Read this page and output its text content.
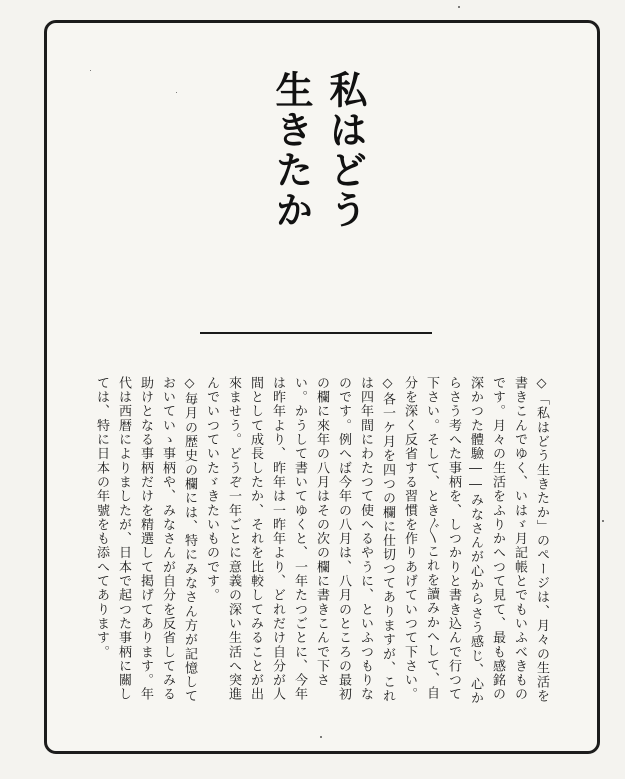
私はどう
生きたか

◇「私はどう生きたか」のページは、月々の生活を書きこんでゆく、いはゞ月記帳とでもいふべきものです。月々の生活をふりかへつて見て、最も感銘の深かつた體驗――みなさんが心からさう感じ、心からさう考へた事柄を、しつかりと書き込んで行つて下さい。そして、とき〴〵これを讀みかへして、自分を深く反省する習慣を作りあげていつて下さい。

◇各一ケ月を四つの欄に仕切つてありますが、これは四年間にわたつて使へるやうに、といふつもりなのです。例へば今年の八月は、八月のところの最初の欄に來年の八月はその次の欄に書きこんで下さい。かうして書いてゆくと、一年たつごとに、今年は昨年より、昨年は一昨年より、どれだけ自分が人間として成長したか、それを比較してみることが出來ませう。どうぞ一年ごとに意義の深い生活へ突進んでいつていたゞきたいものです。

◇毎月の歴史の欄には、特にみなさん方が記憶しておいていゝ事柄や、みなさんが自分を反省してみる助けとなる事柄だけを精選して掲げてあります。年代は西暦によりましたが、日本で起つた事柄に關しては、特に日本の年號をも添へてあります。
